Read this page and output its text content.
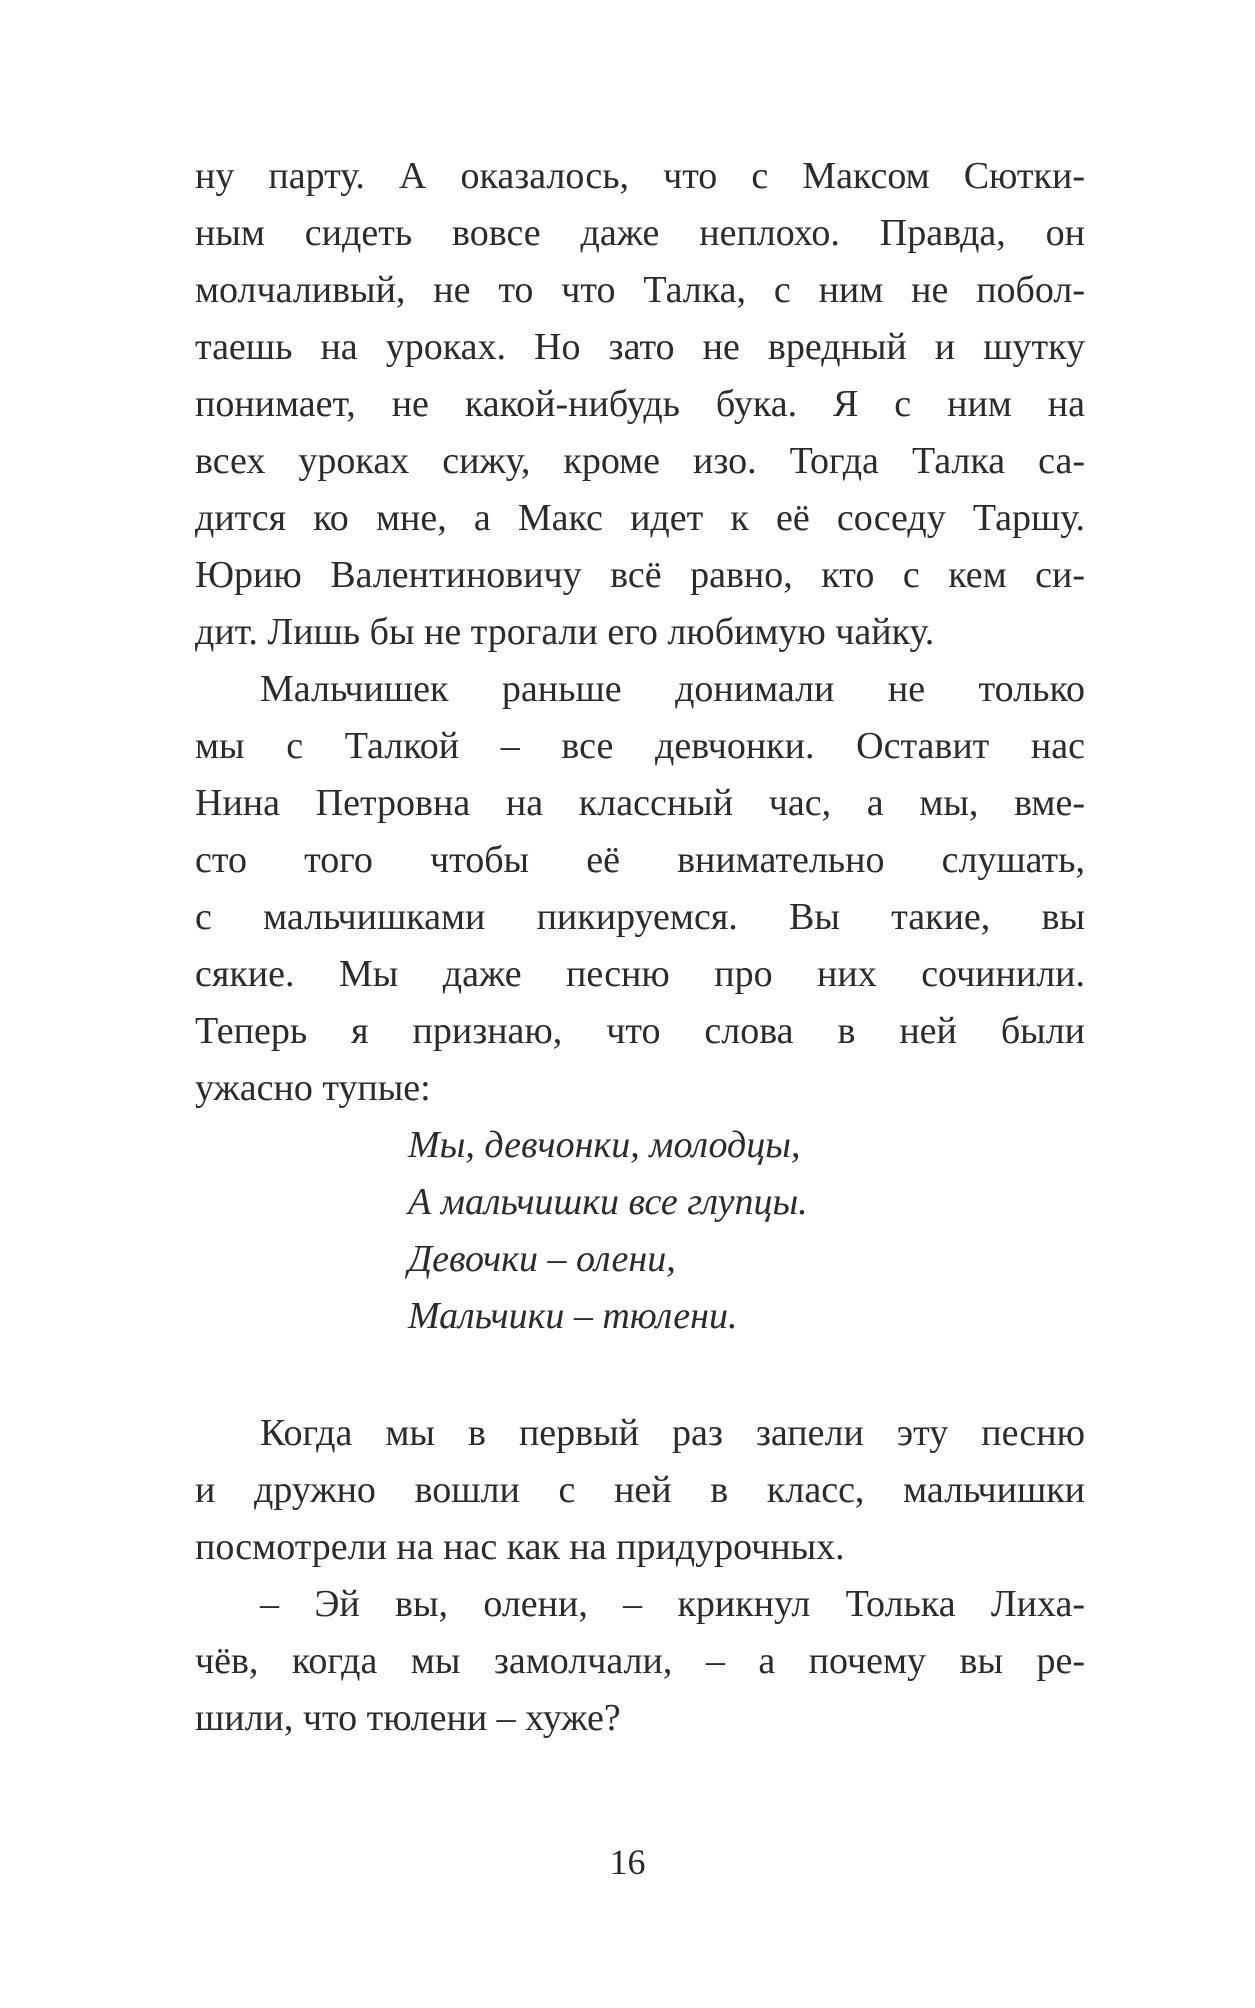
ну парту. А оказалось, что с Максом Сютки-
ным сидеть вовсе даже неплохо. Правда, он
молчаливый, не то что Талка, с ним не побол-
таешь на уроках. Но зато не вредный и шутку
понимает, не какой-нибудь бука. Я с ним на
всех уроках сижу, кроме изо. Тогда Талка са-
дится ко мне, а Макс идет к её соседу Таршу.
Юрию Валентиновичу всё равно, кто с кем си-
дит. Лишь бы не трогали его любимую чайку.
Мальчишек раньше донимали не только
мы с Талкой – все девчонки. Оставит нас
Нина Петровна на классный час, а мы, вме-
сто того чтобы её внимательно слушать,
с мальчишками пикируемся. Вы такие, вы
сякие. Мы даже песню про них сочинили.
Теперь я признаю, что слова в ней были
ужасно тупые:
Мы, девчонки, молодцы,
А мальчишки все глупцы.
Девочки – олени,
Мальчики – тюлени.
Когда мы в первый раз запели эту песню
и дружно вошли с ней в класс, мальчишки
посмотрели на нас как на придурочных.
– Эй вы, олени, – крикнул Толька Лиха-
чёв, когда мы замолчали, – а почему вы ре-
шили, что тюлени – хуже?
16
